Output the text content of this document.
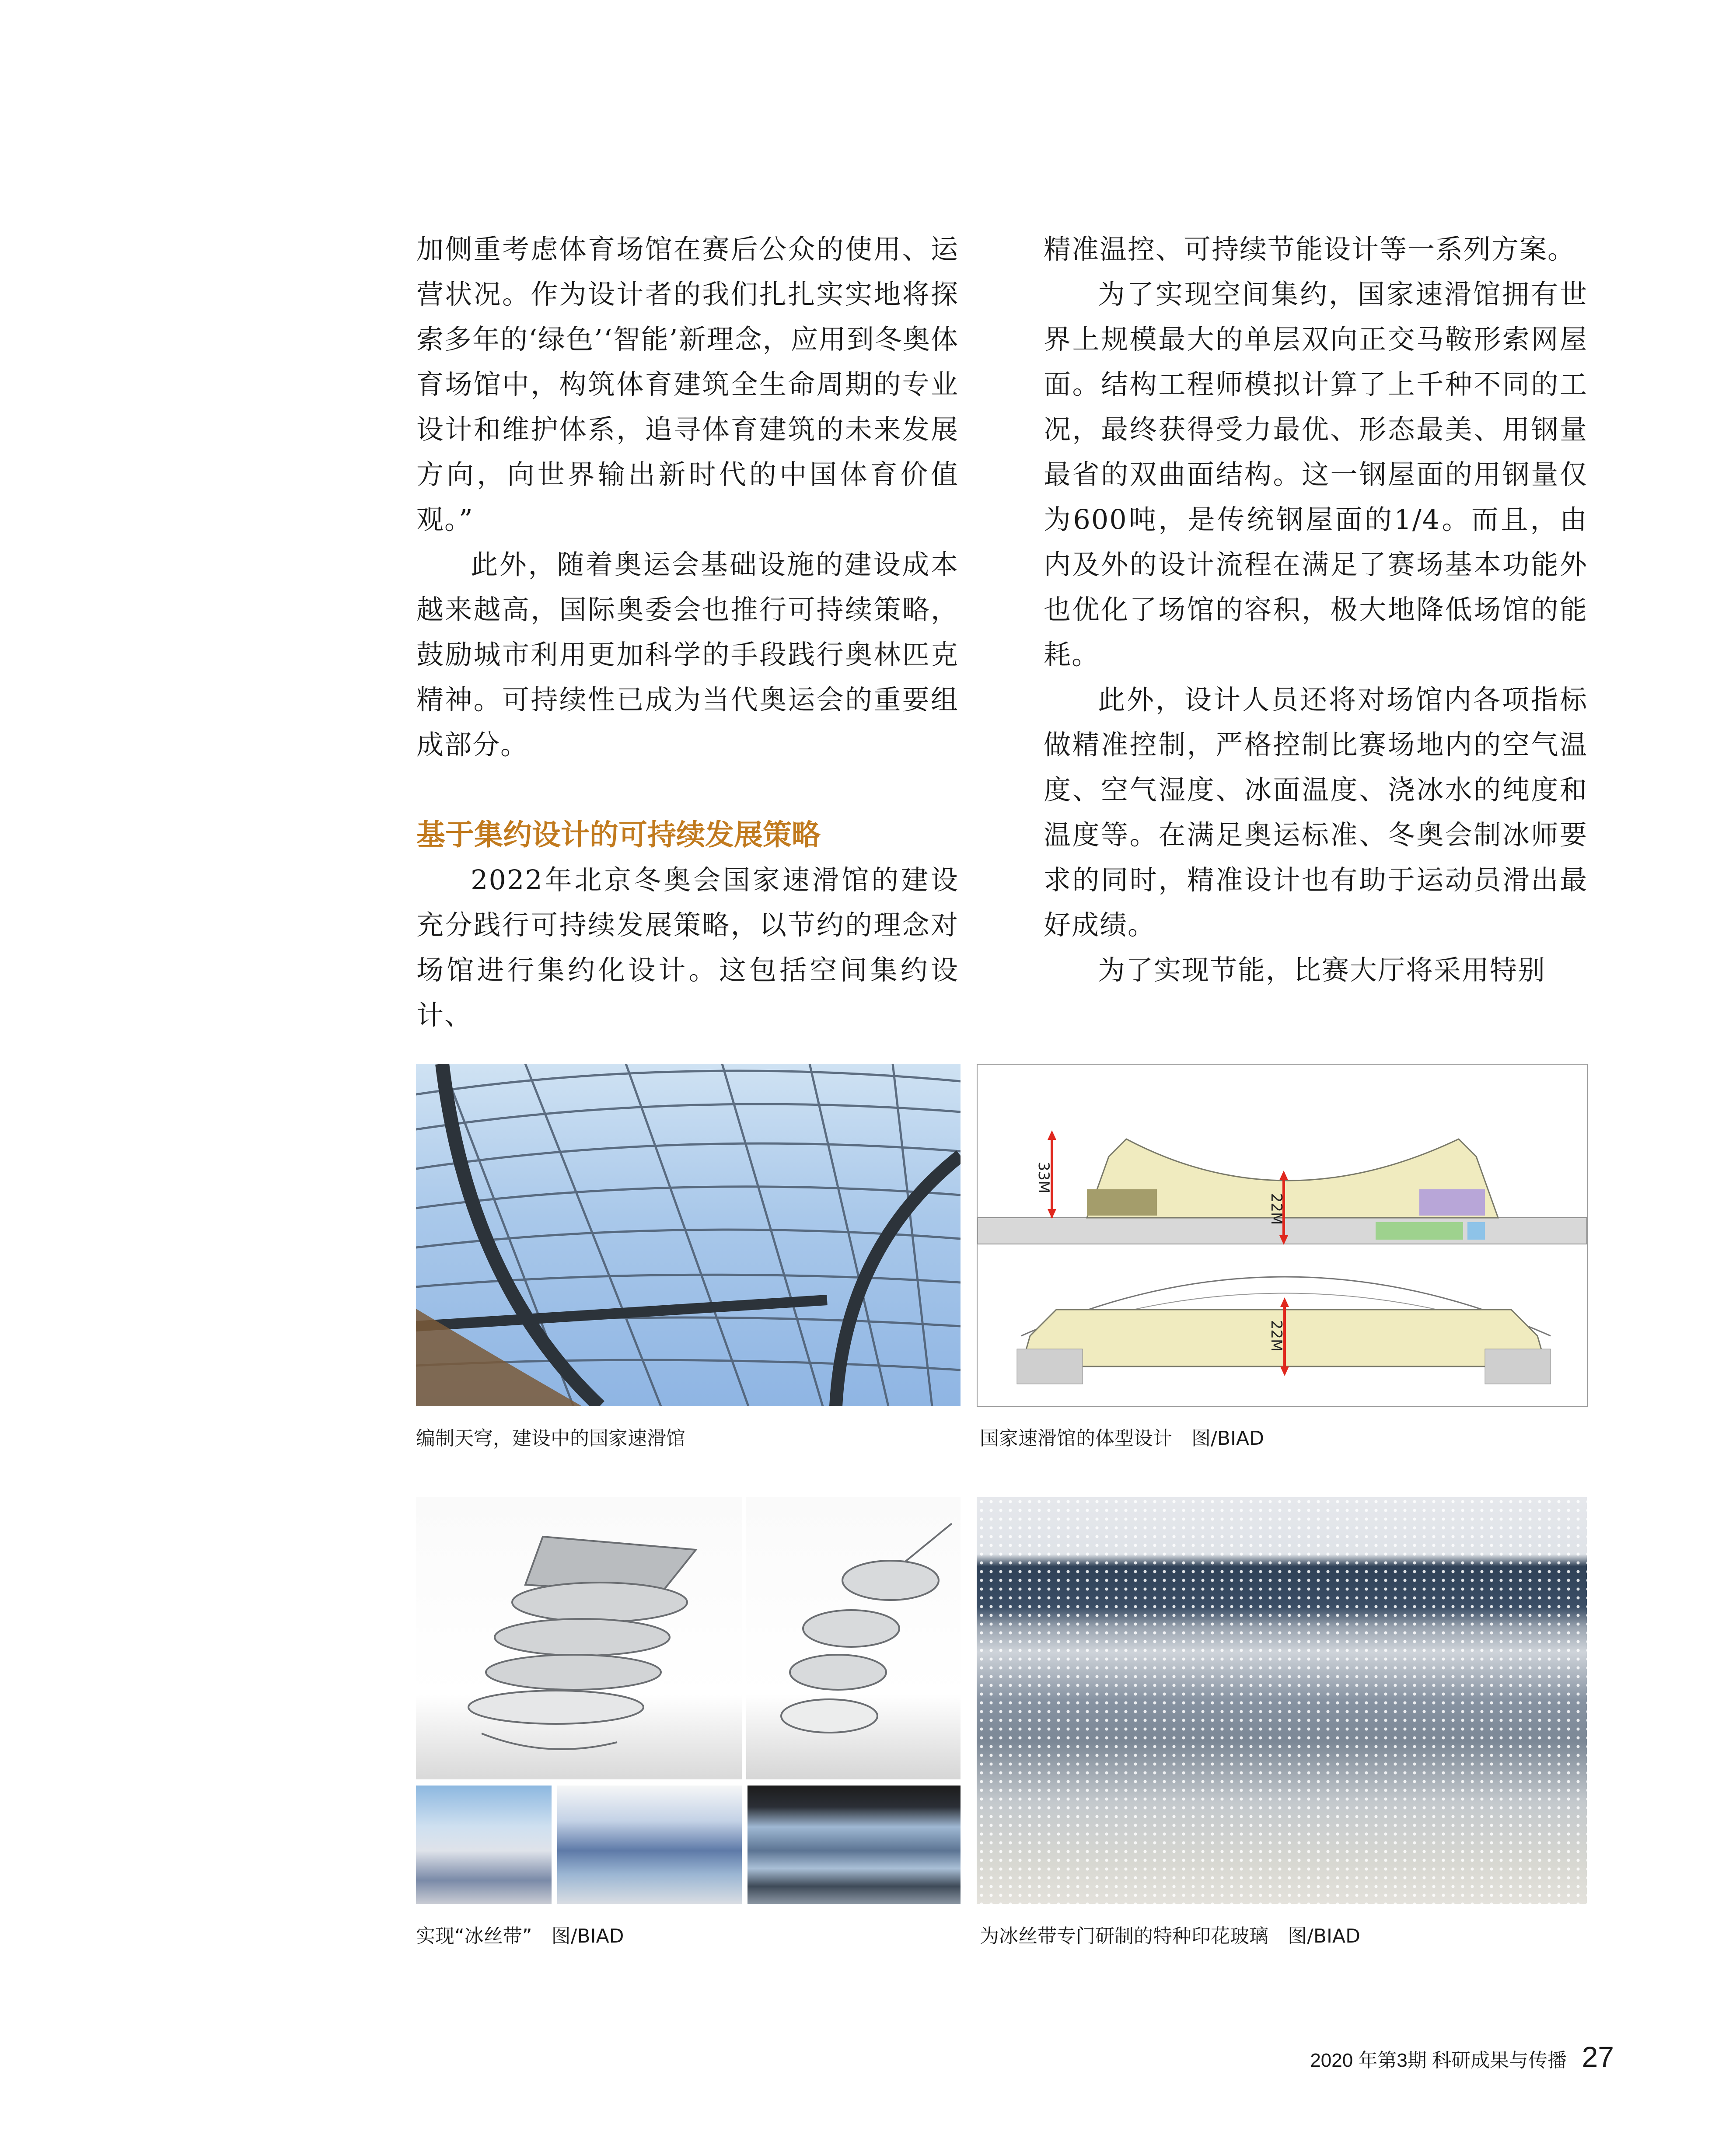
加侧重考虑体育场馆在赛后公众的使用、运营状况。作为设计者的我们扎扎实实地将探索多年的‘绿色’‘智能’新理念，应用到冬奥体育场馆中，构筑体育建筑全生命周期的专业设计和维护体系，追寻体育建筑的未来发展方向，向世界输出新时代的中国体育价值观。”

此外，随着奥运会基础设施的建设成本越来越高，国际奥委会也推行可持续策略，鼓励城市利用更加科学的手段践行奥林匹克精神。可持续性已成为当代奥运会的重要组成部分。

基于集约设计的可持续发展策略

2022年北京冬奥会国家速滑馆的建设充分践行可持续发展策略，以节约的理念对场馆进行集约化设计。这包括空间集约设计、

精准温控、可持续节能设计等一系列方案。

为了实现空间集约，国家速滑馆拥有世界上规模最大的单层双向正交马鞍形索网屋面。结构工程师模拟计算了上千种不同的工况，最终获得受力最优、形态最美、用钢量最省的双曲面结构。这一钢屋面的用钢量仅为600吨，是传统钢屋面的1/4。而且，由内及外的设计流程在满足了赛场基本功能外也优化了场馆的容积，极大地降低场馆的能耗。

此外，设计人员还将对场馆内各项指标做精准控制，严格控制比赛场地内的空气温度、空气湿度、冰面温度、浇冰水的纯度和温度等。在满足奥运标准、冬奥会制冰师要求的同时，精准设计也有助于运动员滑出最好成绩。

为了实现节能，比赛大厅将采用特别

编制天穹，建设中的国家速滑馆
33M
22M
22M
国家速滑馆的体型设计　图/BIAD
实现“冰丝带”　图/BIAD	为冰丝带专门研制的特种印花玻璃　图/BIAD
2020 年第3期 科研成果与传播 27
